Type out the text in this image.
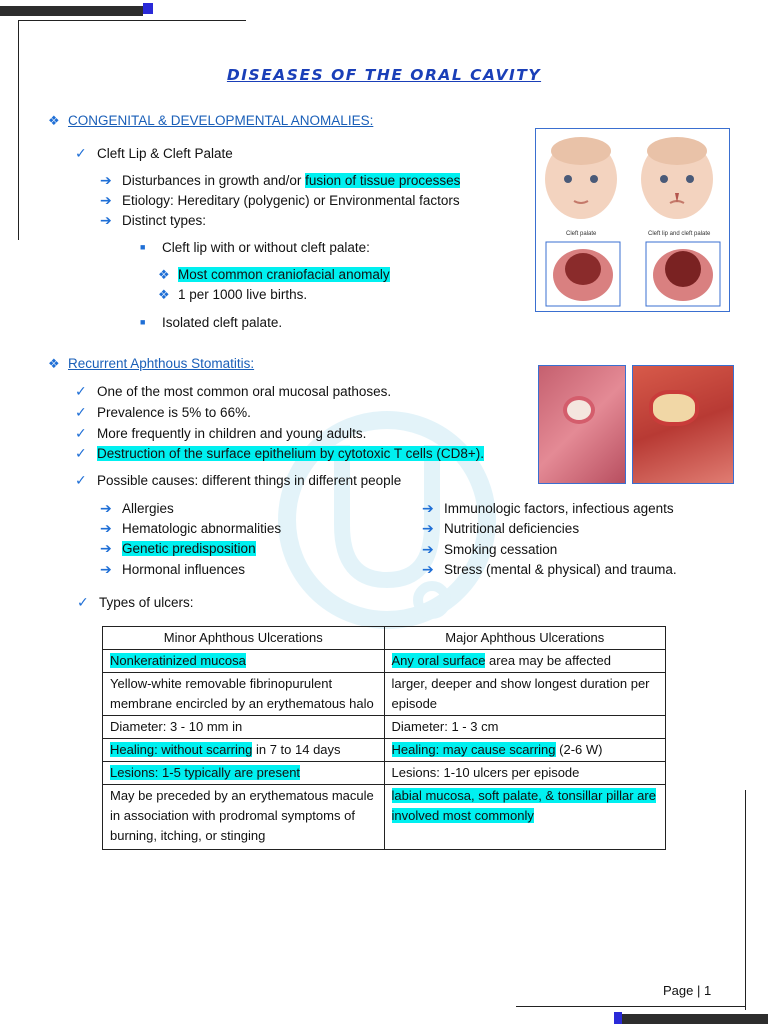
DISEASES OF THE ORAL CAVITY
❖ CONGENITAL & DEVELOPMENTAL ANOMALIES:
✓ Cleft Lip & Cleft Palate
➔ Disturbances in growth and/or fusion of tissue processes
➔ Etiology: Hereditary (polygenic) or Environmental factors
➔ Distinct types:
■ Cleft lip with or without cleft palate:
❖ Most common craniofacial anomaly
❖ 1 per 1000 live births.
■ Isolated cleft palate.
Cleft palate	Cleft lip and cleft palate
❖ Recurrent Aphthous Stomatitis:
✓ One of the most common oral mucosal pathoses.
✓ Prevalence is 5% to 66%.
✓ More frequently in children and young adults.
✓ Destruction of the surface epithelium by cytotoxic T cells (CD8+).
✓ Possible causes: different things in different people
➔ Allergies
➔ Hematologic abnormalities
➔ Genetic predisposition
➔ Hormonal influences
➔ Immunologic factors, infectious agents
➔ Nutritional deficiencies
➔ Smoking cessation
➔ Stress (mental & physical) and trauma.
✓ Types of ulcers:
Minor Aphthous Ulcerations	Major Aphthous Ulcerations
Nonkeratinized mucosa	Any oral surface area may be affected
Yellow-white removable fibrinopurulent membrane encircled by an erythematous halo	larger, deeper and show longest duration per episode
Diameter: 3 - 10 mm in	Diameter: 1 - 3 cm
Healing: without scarring in 7 to 14 days	Healing: may cause scarring (2-6 W)
Lesions: 1-5 typically are present	Lesions: 1-10 ulcers per episode
May be preceded by an erythematous macule in association with prodromal symptoms of burning, itching, or stinging	labial mucosa, soft palate, & tonsillar pillar are involved most commonly
Page | 1
